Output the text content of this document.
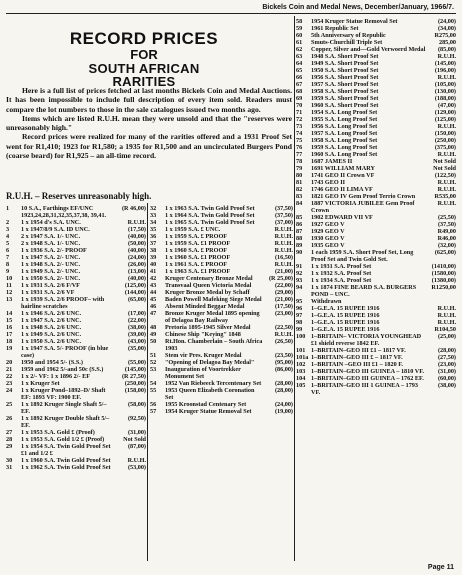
Bickels Coin and Medal News, December/January, 1966/7.
RECORD PRICES
FOR
SOUTH AFRICAN RARITIES

Here is a full list of prices fetched at last months Bickels Coin and Medal Auctions. It has been impossible to include full description of every item sold. Readers must compare the lot numbers to those in the sale catalogues issued two months ago.

Items which are listed R.U.H. mean they were unsold and that the "reserves were unreasonably high."

Record prices were realized for many of the rarities offered and a 1931 Proof Set went for R1,410; 1923 for R1,580; a 1935 for R1,500 and an uncirculated Burgers Pond (coarse beard) for R1,925 – an all-time record.

R.U.H. – Reserves unreasonably high.
1	10 S.A., Farthings EF/UNC 1923,24,28,31,32,35,37,38, 39,41.
(R 46,00)
2	1 x 1954 d's S.A. UNC.	R.U.H.
3	1 x 1947/8/9 S.A. ID UNC.	(17,50)
4	2 x 1947 S.A. 1/- UNC.	(40,00)
5	2 x 1948 S.A. 1/- UNC.	(50,00)
6	1 x 1936 S.A. 2/- PROOF	(40,00)
7	1 x 1947 S.A. 2/- UNC.	(24,00)
8	1 x 1948 S.A. 2/- UNC.	(26,00)
9	1 x 1949 S.A. 2/- UNC.	(13,00)
10	1 x 1950 S.A. 2/- UNC.	(40,00)
11	1 x 1931 S.A. 2/6 F/VF	(125,00)
12	1 x 1931 S.A. 2/6 VF	(144,00)
13	1 x 1939 S.A. 2/6 PROOF– with hairline scratches
(65,00)
14	1 x 1946 S.A. 2/6 UNC.	(17,00)
15	1 x 1947 S.A. 2/6 UNC.	(22,00)
16	1 x 1948 S.A. 2/6 UNC.	(38,00)
17	1 x 1949 S.A. 2/6 UNC.	(39,00)
18	1 x 1950 S.A. 2/6 UNC.	(43,00)
19	1 x 1947 S.A. 5/- PROOF (in blue case)
(35,00)
20	1950 and 1954 5/- (S.S.)	(55,00)
21	1959 and 1962 5/-and 50c (S.S.)	(145,00)
22	1 x 2/- VF: 1 x 1896 2/- EF	(R 27,50)
23	1 x Kruger Set	(250,00)
24	1 x Kruger Pond–1892–D/ Shaft EF: 1893 VF: 1900 EF.
(158,00)
25	1 x 1892 Kruger Single Shaft 5/– EF.
(58,00)
26	1 x 1892 Kruger Double Shaft 5/– EF.
(92,50)
27	1 x 1953 S.A. Gold £ (Proof)	(31,00)
28	1 x 1953 S.A. Gold 1/2 £ (Proof)	Not Sold
29	1 x 1954 S.A. Twin Gold Proof Set £1 and 1/2 £
(87,00)
30	1 x 1960 S.A. Twin Gold Proof Set	R.U.H.
31	1 x 1962 S.A. Twin Gold Proof Set	(53,00)
32	1 x 1963 S.A. Twin Gold Proof Set	(37,50)
33	1 x 1964 S.A. Twin Gold Proof Set	(37,50)
34	1 x 1965 S.A. Twin Gold Proof Set	(37,00)
35	1 x 1959 S.A. £ UNC.	R.U.H.
36	1 x 1959 S.A. £ PROOF	R.U.H.
37	1 x 1959 S.A. £1 PROOF	R.U.H.
38	1 x 1960 S.A. £ PROOF	R.U.H.
39	1 x 1960 S.A. £1 PROOF	(16,50)
40	1 x 1961 S.A. £ PROOF	R.U.H.
41	1 x 1963 S.A. £1 PROOF	(21,00)
42	Kruger Centenary Bronze Medal	(R 25,00)
43	Transvaal Queen Victoria Medal	(22,00)
44	Kruger Bronze Medal by Schaff	(29,00)
45	Baden Powell Mafeking Siege Medal	(21,00)
46	Absent Minded Beggar Medal	(17,50)
47	Bronze Kruger Medal 1895 opening of Delagoa Bay Railway
(23,00)
48	Pretoria 1895-1945 Silver Medal	(22,50)
49	Chinese Ship "Keying" 1848	R.U.H.
50	Rt.Hon. Chamberlain – South Africa 1903
(26,50)
51	Stem vir Pres. Kruger Medal	(23,50)
52	"Opening of Delagoa Bay Medal"	(95,00)
53	Inauguration of Voortrekker Monument Set
(86,00)
54	1952 Van Riebeeck Tercentenary Set	(28,00)
55	1953 Queen Elizabeth Coronation Set
(28,00)
56	1955 Kroonstad Centenary Set	(24,00)
57	1954 Kruger Statue Removal Set	(19,00)
58	1954 Kruger Statue Removal Set	(24,00)
59	1961 Republic Set	(34,00)
60	5th Anniversary of Republic	R275,00
61	Smuts-Churchill Triple Set	285,00
62	Copper, Silver and—Gold Verwoerd Medal	(85,00)
63	1948 S.A. Short Proof Set	R.U.H.
64	1949 S.A. Short Proof Set	(145,00)
65	1950 S.A. Short Proof Set	(196,00)
66	1956 S.A. Short Proof Set	R.U.H.
67	1957 S.A. Short Proof Set	(105,00)
68	1958 S.A. Short Proof Set	(130,00)
69	1959 S.A. Short Proof Set	(188,00)
70	1960 S.A. Short Proof Set	(47,00)
71	1954 S.A. Long Proof Set	(129,00)
72	1955 S.A. Long Proof Set	(125,00)
73	1956 S.A. Long Proof Set	R.U.H.
74	1957 S.A. Long Proof Set	(150,00)
75	1958 S.A. Long Proof Set	(250,00)
76	1959 S.A. Long Proof Set	(375,00)
77	1960 S.A. Long Proof Set	R.U.H.
78	1687 JAMES II	Not Sold
79	1691 WILLIAM MARY	Not Sold
80	1741 GEO II Crown VF	(122,50)
81	1743 GEO II	R.U.H.
82	1746 GEO II LIMA VF	R.U.H.
83	1821 GEO IV Gem Proof Terrio Crown	R535,00
84	1887 VICTORIA JUBILEE Gem Proof Crown
R.U.H.
85	1902 EDWARD VII VF	(25,50)
86	1927 GEO V	(37,50)
87	1929 GEO V	R49,00
88	1930 GEO V	R46,00
89	1935 GEO V	(32,00)
90	1 each 1959 S.A. Short Proof Set, Long Proof Set and Twin Gold Set.
(625,00)
91	1 x 1931 S.A. Proof Set	(1410,00)
92	1 x 1932 S.A. Proof Set	(1580,00)
93	1 x 1934 S.A. Proof Set	(1380,00)
94	1 x 1874 FINE BEARD S.A. BURGERS POND – UNC.
R1250,00
95	Withdrawn
96	1–G.E.A. 15 RUPEE 1916	R.U.H.
97	1–G.E.A. 15 RUPEE 1916	R.U.H.
98	1–G.E.A. 15 RUPEE 1916	R.U.H.
99	1–G.E.A. 15 RUPEE 1916	R104,50
100 1–BRITAIN– VICTORIA YOUNGHEAD £1 shield reverse 1842 EF.
(25,00)
101 1–BRITAIN–GEO III £1 – 1817 VF.	(28,00)
101a 1–BRITAIN–GEO III £ – 1817 VF.	(27,50)
102 1–BRITAIN –GEO III £1 – 1820 F.	(23,00)
103 1–BRITAIN–GEO III GUINEA – 1810 VF.	(31,00)
104 1–BRITAIN–GEO III GUINEA – 1762 EF.	(60,00)
105 1–BRITAIN–GEO III 1 GUINEA – 1793 VF.
(38,00)
Page 11
